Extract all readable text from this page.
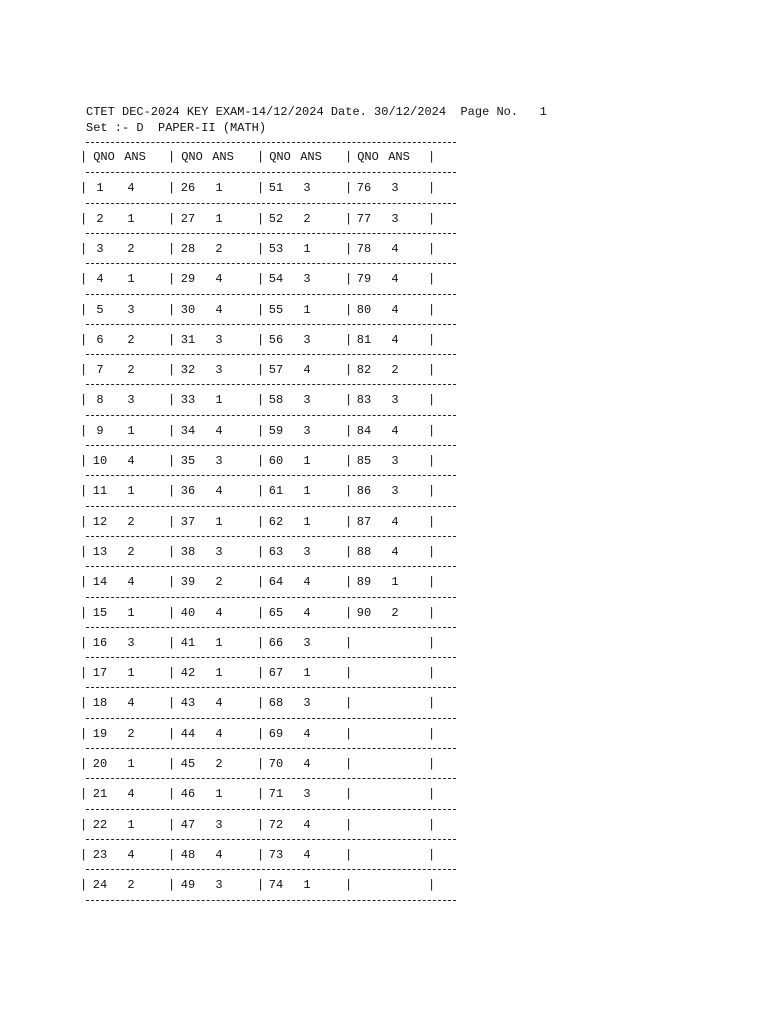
CTET DEC-2024 KEY EXAM-14/12/2024 Date. 30/12/2024  Page No.   1
Set :- D  PAPER-II (MATH)
|	|	|	|	|
QNO ANS	QNO ANS	QNO ANS	QNO ANS
|	|	|	|	|
1	4	26	1	51	3	76	3
|	|	|	|	|
2	1	27	1	52	2	77	3
|	|	|	|	|
3	2	28	2	53	1	78	4
|	|	|	|	|
4	1	29	4	54	3	79	4
|	|	|	|	|
5	3	30	4	55	1	80	4
|	|	|	|	|
6	2	31	3	56	3	81	4
|	|	|	|	|
7	2	32	3	57	4	82	2
|	|	|	|	|
8	3	33	1	58	3	83	3
|	|	|	|	|
9	1	34	4	59	3	84	4
|	|	|	|	|
10	4	35	3	60	1	85	3
|	|	|	|	|
11	1	36	4	61	1	86	3
|	|	|	|	|
12	2	37	1	62	1	87	4
|	|	|	|	|
13	2	38	3	63	3	88	4
|	|	|	|	|
14	4	39	2	64	4	89	1
|	|	|	|	|
15	1	40	4	65	4	90	2
|	|	|	|	|
16	3	41	1	66	3
|	|	|	|	|
17	1	42	1	67	1
|	|	|	|	|
18	4	43	4	68	3
|	|	|	|	|
19	2	44	4	69	4
|	|	|	|	|
20	1	45	2	70	4
|	|	|	|	|
21	4	46	1	71	3
|	|	|	|	|
22	1	47	3	72	4
|	|	|	|	|
23	4	48	4	73	4
|	|	|	|	|
24	2	49	3	74	1
